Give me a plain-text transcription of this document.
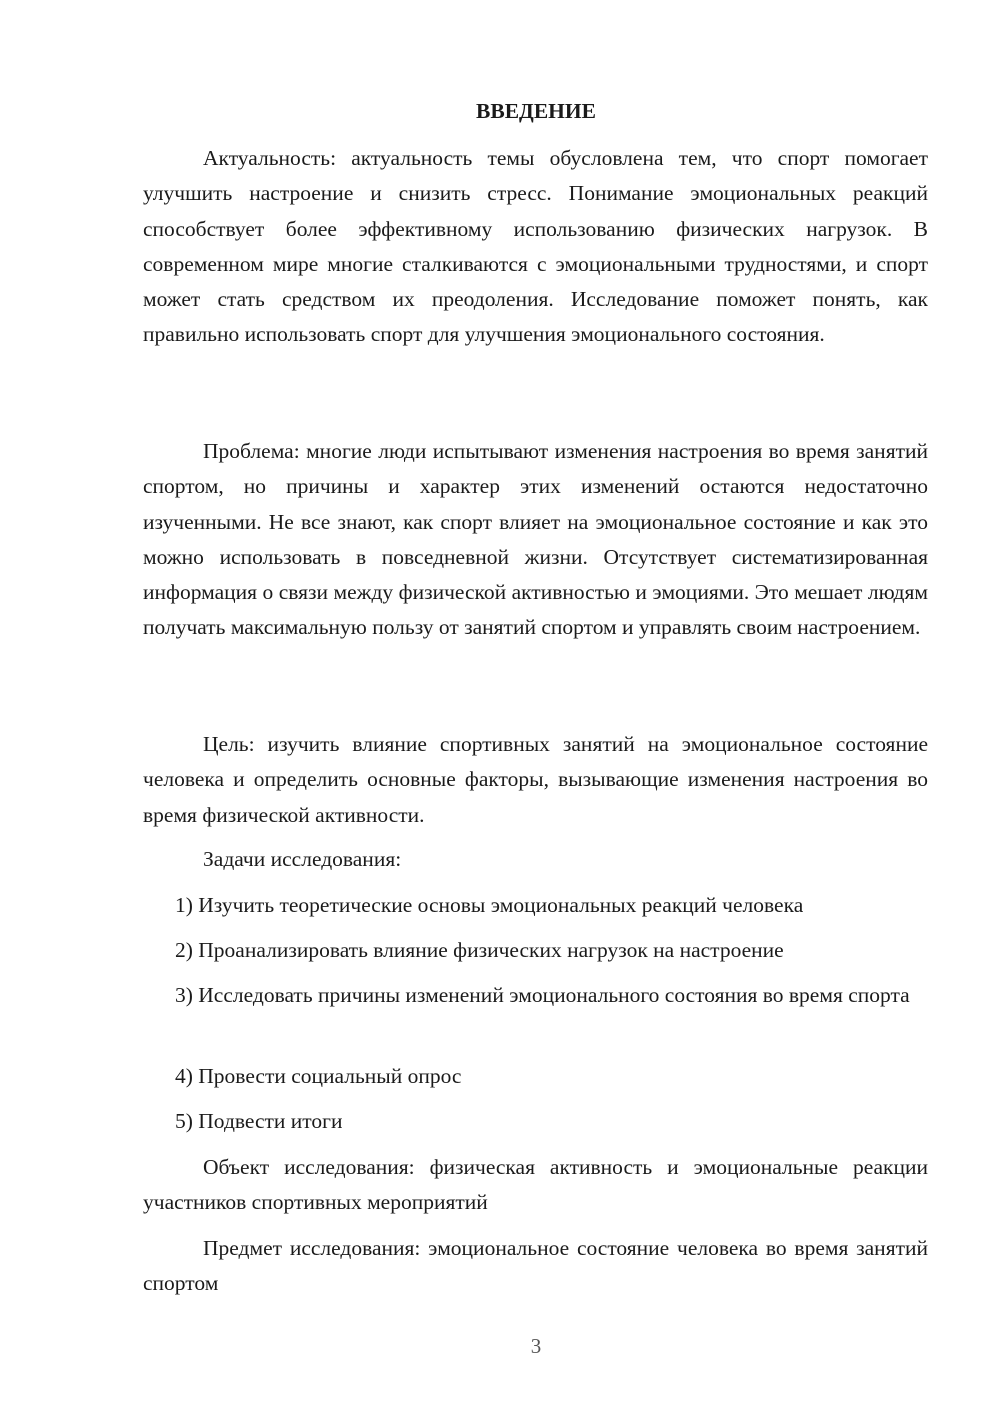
ВВЕДЕНИЕ

Актуальность: актуальность темы обусловлена тем, что спорт помогает улучшить настроение и снизить стресс. Понимание эмоциональных реакций способствует более эффективному использованию физических нагрузок. В современном мире многие сталкиваются с эмоциональными трудностями, и спорт может стать средством их преодоления. Исследование поможет понять, как правильно использовать спорт для улучшения эмоционального состояния.

Проблема: многие люди испытывают изменения настроения во время занятий спортом, но причины и характер этих изменений остаются недостаточно изученными. Не все знают, как спорт влияет на эмоциональное состояние и как это можно использовать в повседневной жизни. Отсутствует систематизированная информация о связи между физической активностью и эмоциями. Это мешает людям получать максимальную пользу от занятий спортом и управлять своим настроением.

Цель: изучить влияние спортивных занятий на эмоциональное состояние человека и определить основные факторы, вызывающие изменения настроения во время физической активности.

Задачи исследования:

1) Изучить теоретические основы эмоциональных реакций человека

2) Проанализировать влияние физических нагрузок на настроение

3) Исследовать причины изменений эмоционального состояния во время спорта

4) Провести социальный опрос

5) Подвести итоги

Объект исследования: физическая активность и эмоциональные реакции участников спортивных мероприятий

Предмет исследования: эмоциональное состояние человека во время занятий спортом

3
